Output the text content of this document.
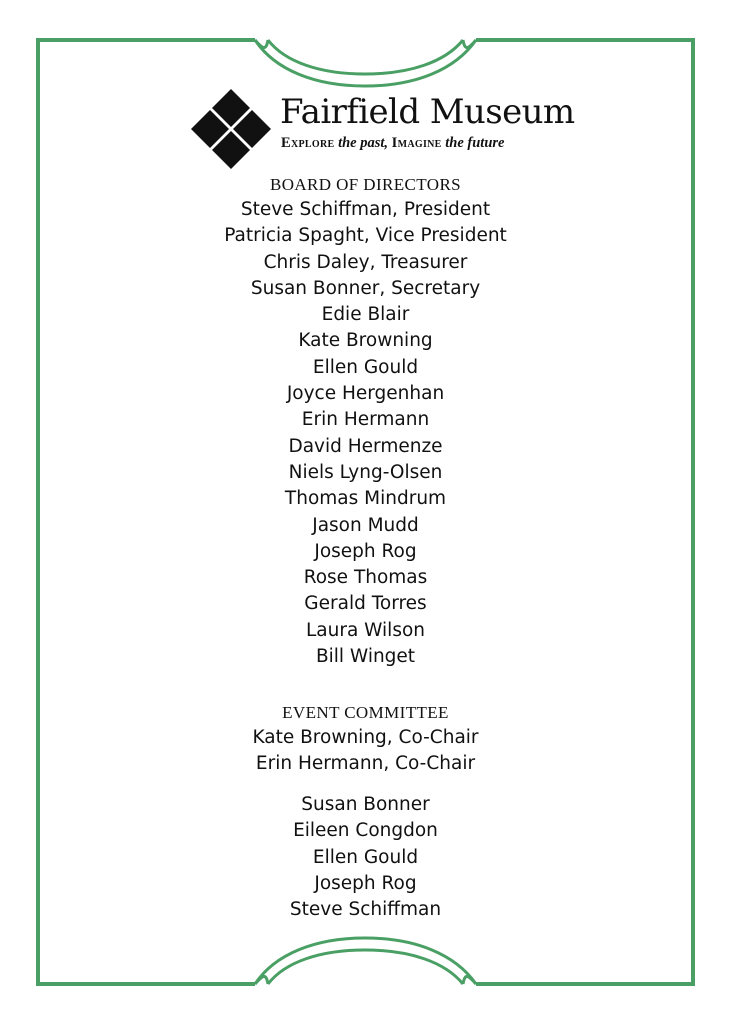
Fairfield Museum
Explore the past, Imagine the future
BOARD OF DIRECTORS
Steve Schiffman, President
Patricia Spaght, Vice President
Chris Daley, Treasurer
Susan Bonner, Secretary
Edie Blair
Kate Browning
Ellen Gould
Joyce Hergenhan
Erin Hermann
David Hermenze
Niels Lyng-Olsen
Thomas Mindrum
Jason Mudd
Joseph Rog
Rose Thomas
Gerald Torres
Laura Wilson
Bill Winget
EVENT COMMITTEE
Kate Browning, Co-Chair
Erin Hermann, Co-Chair
Susan Bonner
Eileen Congdon
Ellen Gould
Joseph Rog
Steve Schiffman
